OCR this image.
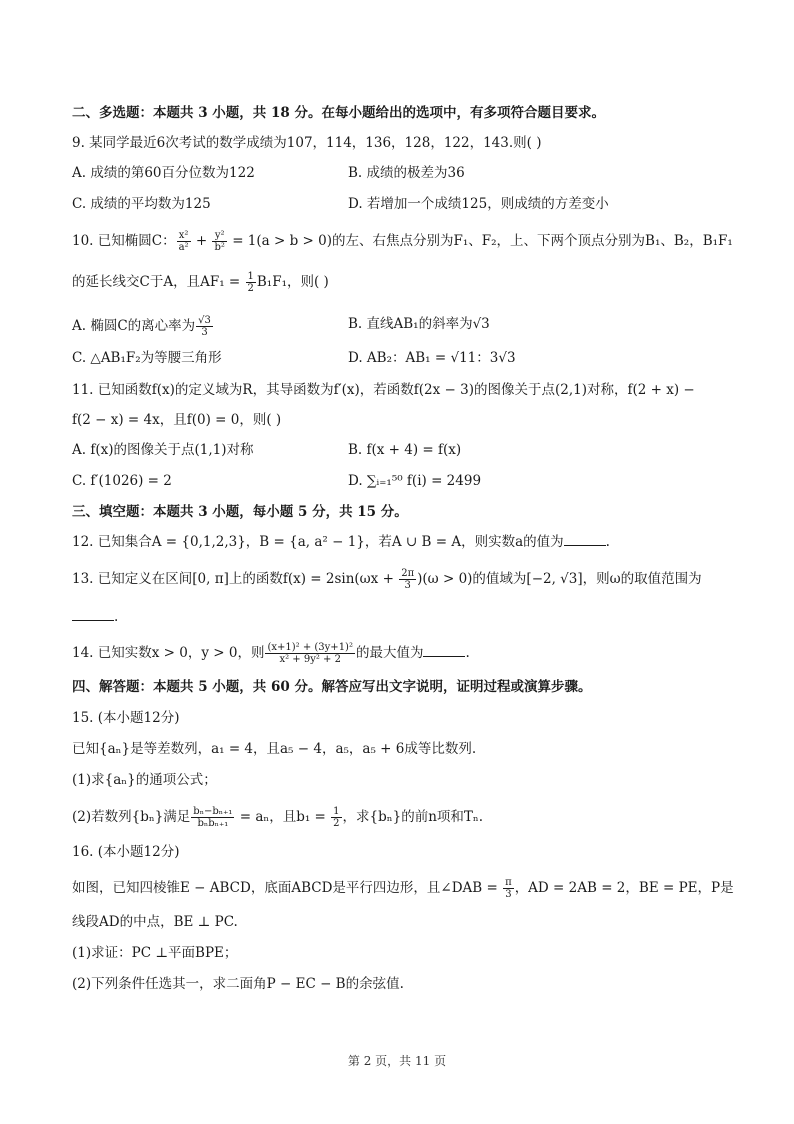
二、多选题：本题共 3 小题，共 18 分。在每小题给出的选项中，有多项符合题目要求。
9. 某同学最近6次考试的数学成绩为107，114，136，128，122，143.则( )
A. 成绩的第60百分位数为122	B. 成绩的极差为36
C. 成绩的平均数为125	D. 若增加一个成绩125，则成绩的方差变小
10. 已知椭圆C： $\frac{\text{x²}}{\text{a²}} + \frac{\text{y²}}{\text{b²}} = 1(a > b > 0)$的左、右焦点分别为F₁、F₂，上、下两个顶点分别为B₁、B₂，B₁F₁
的延长线交C于A，且$AF_1 = \frac{1}{2} B_1F_1$，则( )
A. 椭圆C的离心率为 $\frac{√3}{3}$	B. 直线AB₁的斜率为√3
C. △AB₁F₂为等腰三角形	D. AB₂：AB₁ = √11：3√3
11. 已知函数f(x)的定义域为R，其导函数为f′(x)，若函数f(2x − 3)的图像关于点(2,1)对称，f(2 + x) −
f(2 − x) = 4x，且f(0) = 0，则( )
A. f(x)的图像关于点(1,1)对称	B. f(x + 4) = f(x)
C. f′(1026) = 2	D. ∑ᵢ₌₁⁵⁰ f(i) = 2499
三、填空题：本题共 3 小题，每小题 5 分，共 15 分。
12. 已知集合A = {0,1,2,3}，B = {a, a² − 1}，若A ∪ B = A，则实数a的值为	.
13. 已知定义在区间[0, π]上的函数$f(x) = 2\sin(\omega x + \frac{2\pi}{3} )(\omega > 0)$的值域为[−2, √3]，则ω的取值范围为
.
14. 已知实数x > 0，y > 0，则 $\frac{\text{(x+1)² + (3y+1)²}}{\text{x² + 9y² + 2}}$ 的最大值为	.
四、解答题：本题共 5 小题，共 60 分。解答应写出文字说明，证明过程或演算步骤。
15. (本小题12分)
已知{aₙ}是等差数列，a₁ = 4，且a₅ − 4，a₅，a₅ + 6成等比数列.
(1)求{aₙ}的通项公式；
(2)若数列{bₙ}满足 $\frac{\text{bₙ−bₙ₊₁}}{\text{bₙbₙ₊₁}} = a_n$，且$b_1 = \frac{1}{2}$ ，求{bₙ}的前n项和Tₙ.
16. (本小题12分)
如图，已知四棱锥E − ABCD，底面ABCD是平行四边形，且∠DAB = $\frac{\pi}{3}$ ，AD = 2AB = 2，BE = PE，P是
线段AD的中点，BE ⊥ PC.
(1)求证：PC ⊥平面BPE；
(2)下列条件任选其一，求二面角P − EC − B的余弦值.
第 2 页，共 11 页
